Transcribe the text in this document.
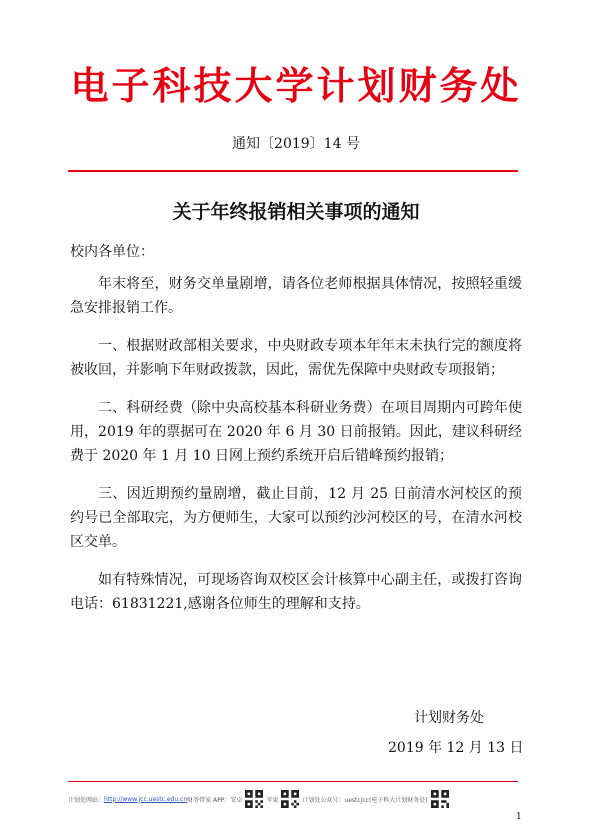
电子科技大学计划财务处
通知〔2019〕14 号
关于年终报销相关事项的通知

校内各单位：

年末将至，财务交单量剧增，请各位老师根据具体情况，按照轻重缓急安排报销工作。

一、根据财政部相关要求，中央财政专项本年年末未执行完的额度将被收回，并影响下年财政拨款，因此，需优先保障中央财政专项报销；

二、科研经费（除中央高校基本科研业务费）在项目周期内可跨年使用，2019 年的票据可在 2020 年 6 月 30 日前报销。因此，建议科研经费于 2020 年 1 月 10 日网上预约系统开启后错峰预约报销；

三、因近期预约量剧增，截止目前，12 月 25 日前清水河校区的预约号已全部取完，为方便师生，大家可以预约沙河校区的号，在清水河校区交单。

如有特殊情况，可现场咨询双校区会计核算中心副主任，或拨打咨询电话：61831221,感谢各位师生的理解和支持。

计划财务处
2019 年 12 月 13 日
计划处网站： http://www.jcc.uestc.edu.cn 财务管家 APP：安卓	苹果	计划处公众号：uestcjcc(电子科大计划财务处)
1
